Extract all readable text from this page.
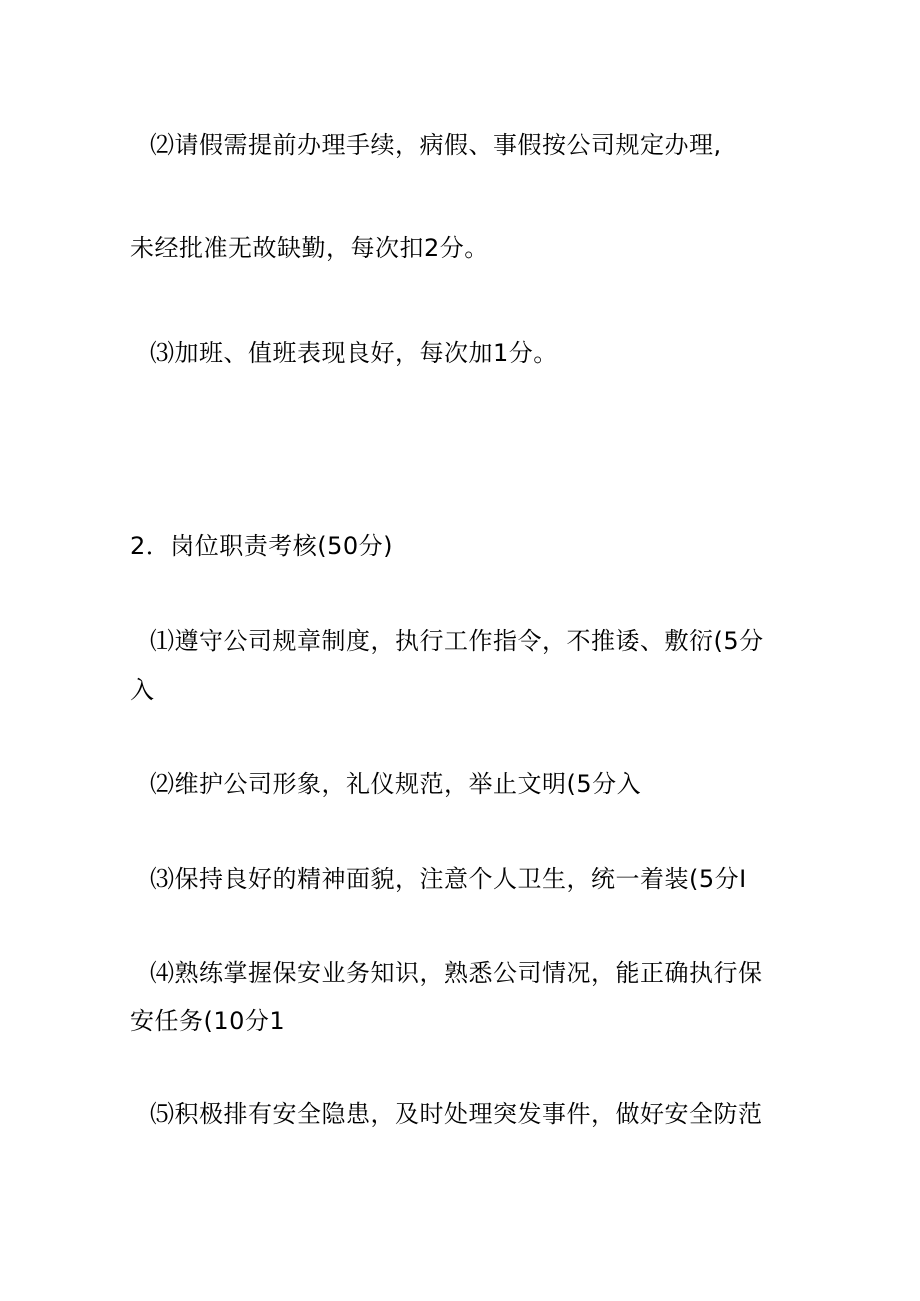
⑵请假需提前办理手续，病假、事假按公司规定办理,
未经批准无故缺勤，每次扣2分。
⑶加班、值班表现良好，每次加1分。
2．岗位职责考核(50分)
⑴遵守公司规章制度，执行工作指令，不推诿、敷衍(5分
入
⑵维护公司形象，礼仪规范，举止文明(5分入
⑶保持良好的精神面貌，注意个人卫生，统一着装(5分I
⑷熟练掌握保安业务知识，熟悉公司情况，能正确执行保
安任务(10分1
⑸积极排有安全隐患，及时处理突发事件，做好安全防范
